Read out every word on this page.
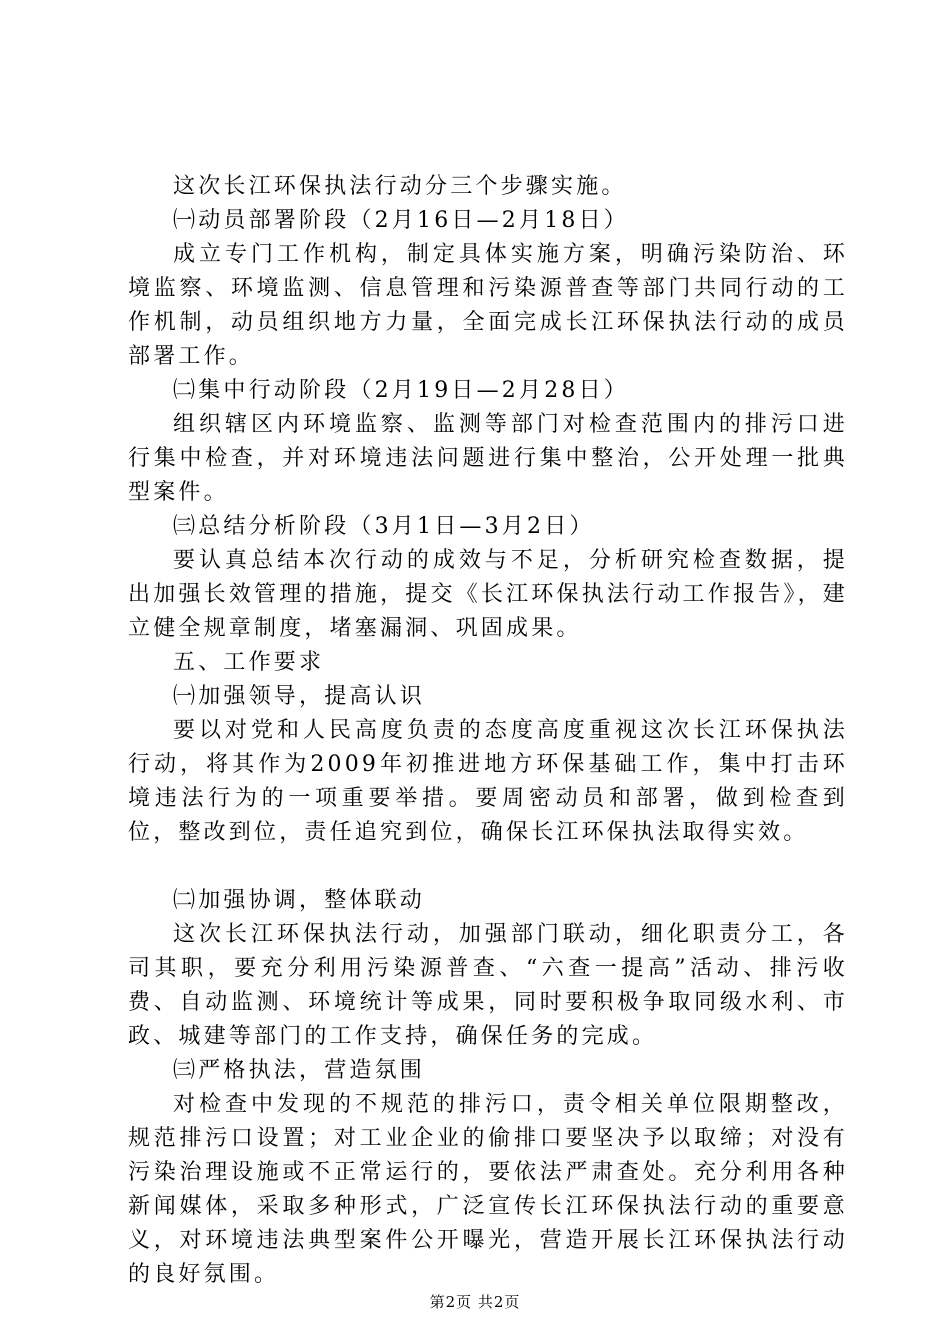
这次长江环保执法行动分三个步骤实施。

㈠动员部署阶段（2月16日—2月18日）

成立专门工作机构，制定具体实施方案，明确污染防治、环境监察、环境监测、信息管理和污染源普查等部门共同行动的工作机制，动员组织地方力量，全面完成长江环保执法行动的成员部署工作。

㈡集中行动阶段（2月19日—2月28日）

组织辖区内环境监察、监测等部门对检查范围内的排污口进行集中检查，并对环境违法问题进行集中整治，公开处理一批典型案件。

㈢总结分析阶段（3月1日—3月2日）

要认真总结本次行动的成效与不足，分析研究检查数据，提出加强长效管理的措施，提交《长江环保执法行动工作报告》，建立健全规章制度，堵塞漏洞、巩固成果。

五、工作要求

㈠加强领导，提高认识

要以对党和人民高度负责的态度高度重视这次长江环保执法行动，将其作为2009年初推进地方环保基础工作，集中打击环境违法行为的一项重要举措。要周密动员和部署，做到检查到位，整改到位，责任追究到位，确保长江环保执法取得实效。

㈡加强协调，整体联动

这次长江环保执法行动，加强部门联动，细化职责分工，各司其职，要充分利用污染源普查、“六查一提高”活动、排污收费、自动监测、环境统计等成果，同时要积极争取同级水利、市政、城建等部门的工作支持，确保任务的完成。

㈢严格执法，营造氛围

对检查中发现的不规范的排污口，责令相关单位限期整改，规范排污口设置；对工业企业的偷排口要坚决予以取缔；对没有污染治理设施或不正常运行的，要依法严肃查处。充分利用各种新闻媒体，采取多种形式，广泛宣传长江环保执法行动的重要意义，对环境违法典型案件公开曝光，营造开展长江环保执法行动的良好氛围。

第2页 共2页
